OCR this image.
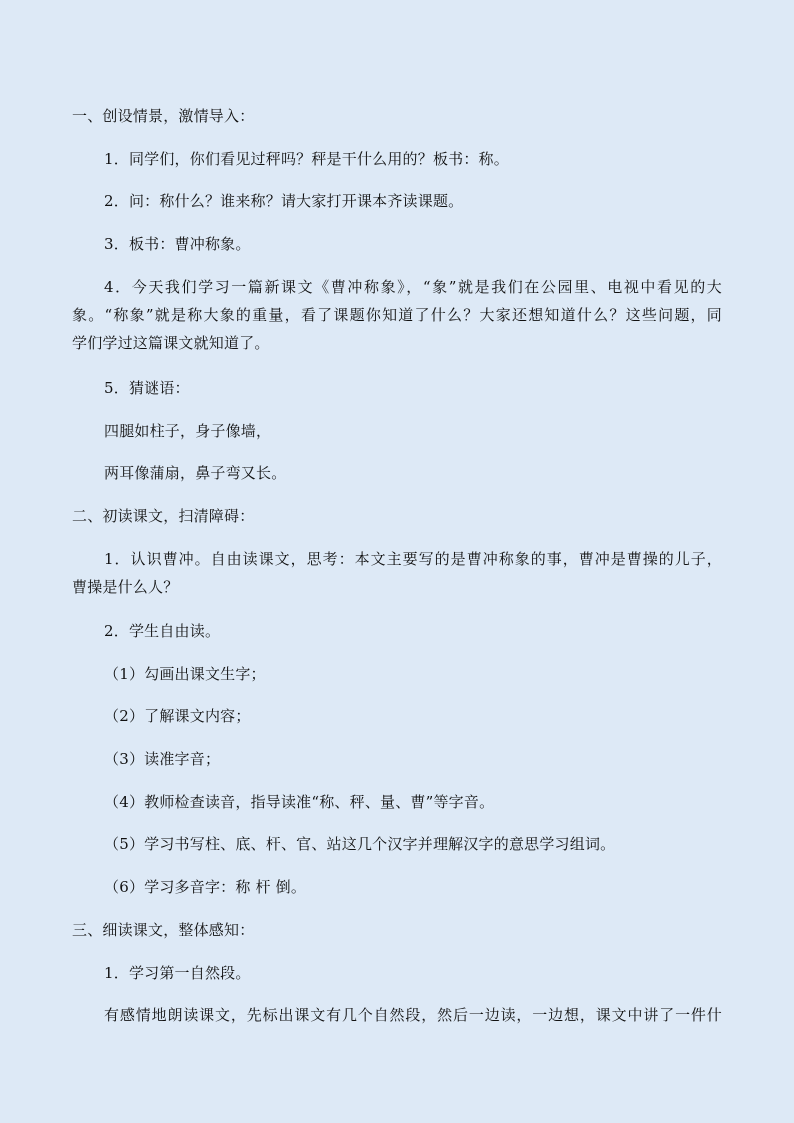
一、创设情景，激情导入：
1．同学们，你们看见过秤吗？秤是干什么用的？板书：称。
2．问：称什么？谁来称？请大家打开课本齐读课题。
3．板书：曹冲称象。
4．今天我们学习一篇新课文《曹冲称象》，“象”就是我们在公园里、电视中看见的大
象。“称象”就是称大象的重量，看了课题你知道了什么？大家还想知道什么？这些问题，同
学们学过这篇课文就知道了。
5．猜谜语：
四腿如柱子，身子像墙，
两耳像蒲扇，鼻子弯又长。
二、初读课文，扫清障碍：
1．认识曹冲。自由读课文，思考：本文主要写的是曹冲称象的事，曹冲是曹操的儿子，
曹操是什么人？
2．学生自由读。
（1）勾画出课文生字；
（2）了解课文内容；
（3）读准字音；
（4）教师检查读音，指导读准“称、秤、量、曹”等字音。
（5）学习书写柱、底、杆、官、站这几个汉字并理解汉字的意思学习组词。
（6）学习多音字：称 杆 倒。
三、细读课文，整体感知：
1．学习第一自然段。
有感情地朗读课文，先标出课文有几个自然段，然后一边读，一边想，课文中讲了一件什
